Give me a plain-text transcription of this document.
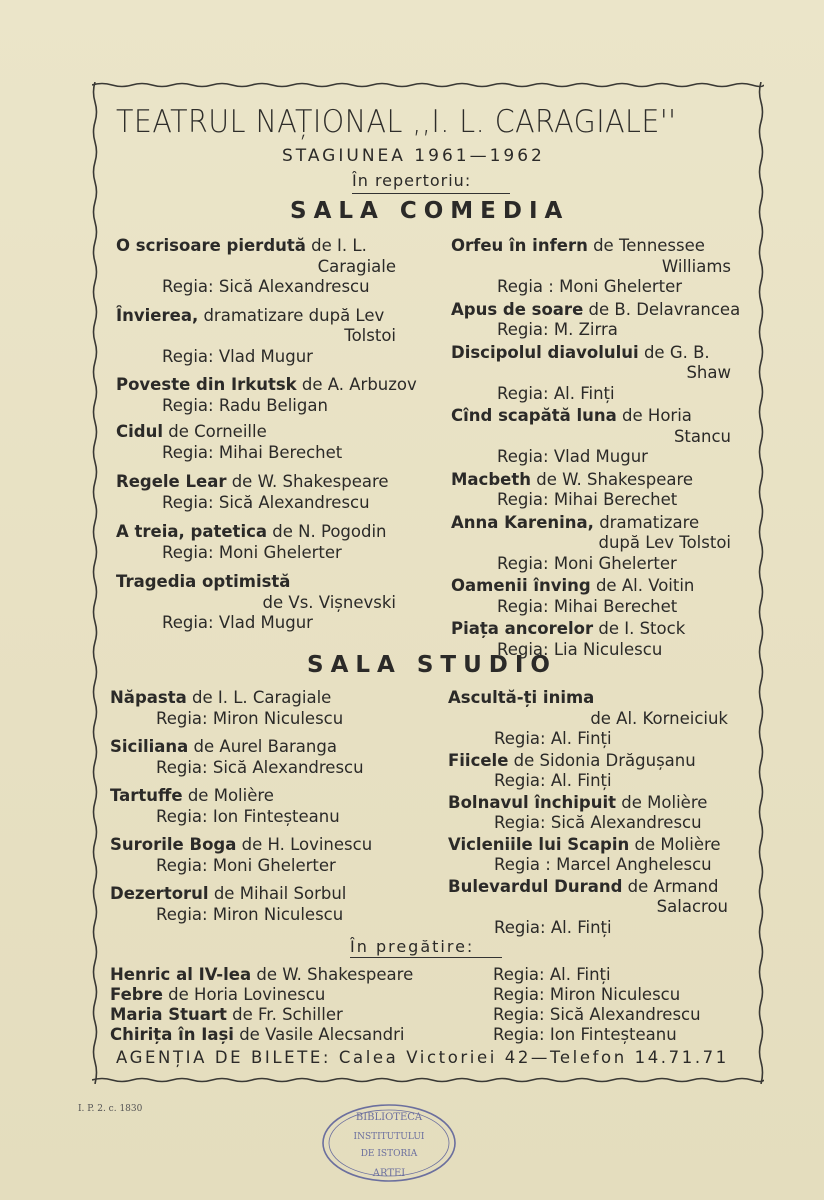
TEATRUL NAȚIONAL ,,I. L. CARAGIALE''
STAGIUNEA 1961—1962
În repertoriu:
SALA COMEDIA
O scrisoare pierdută de I. L.
Caragiale
Regia: Sică Alexandrescu
Învierea, dramatizare după Lev
Tolstoi
Regia: Vlad Mugur
Poveste din Irkutsk de A. Arbuzov
Regia: Radu Beligan
Cidul de Corneille
Regia: Mihai Berechet
Regele Lear de W. Shakespeare
Regia: Sică Alexandrescu
A treia, patetica de N. Pogodin
Regia: Moni Ghelerter
Tragedia optimistă
de Vs. Vișnevski
Regia: Vlad Mugur
Orfeu în infern de Tennessee
Williams
Regia : Moni Ghelerter
Apus de soare de B. Delavrancea
Regia: M. Zirra
Discipolul diavolului de G. B.
Shaw
Regia: Al. Finți
Cînd scapătă luna de Horia
Stancu
Regia: Vlad Mugur
Macbeth de W. Shakespeare
Regia: Mihai Berechet
Anna Karenina, dramatizare
după Lev Tolstoi
Regia: Moni Ghelerter
Oamenii înving de Al. Voitin
Regia: Mihai Berechet
Piața ancorelor de I. Stock
Regia: Lia Niculescu
SALA STUDIO
Năpasta de I. L. Caragiale
Regia: Miron Niculescu
Siciliana de Aurel Baranga
Regia: Sică Alexandrescu
Tartuffe de Molière
Regia: Ion Finteșteanu
Surorile Boga de H. Lovinescu
Regia: Moni Ghelerter
Dezertorul de Mihail Sorbul
Regia: Miron Niculescu
Ascultă-ți inima
de Al. Korneiciuk
Regia: Al. Finți
Fiicele de Sidonia Drăgușanu
Regia: Al. Finți
Bolnavul închipuit de Molière
Regia: Sică Alexandrescu
Vicleniile lui Scapin de Molière
Regia : Marcel Anghelescu
Bulevardul Durand de Armand
Salacrou
Regia: Al. Finți
În pregătire:
Henric al IV-lea de W. Shakespeare	Regia: Al. Finți
Febre de Horia Lovinescu	Regia: Miron Niculescu
Maria Stuart de Fr. Schiller	Regia: Sică Alexandrescu
Chirița în Iași de Vasile Alecsandri	Regia: Ion Finteșteanu
AGENȚIA DE BILETE: Calea Victoriei 42—Telefon 14.71.71
I. P. 2. c. 1830
BIBLIOTECA
INSTITUTULUI
DE ISTORIA
ARTEI
